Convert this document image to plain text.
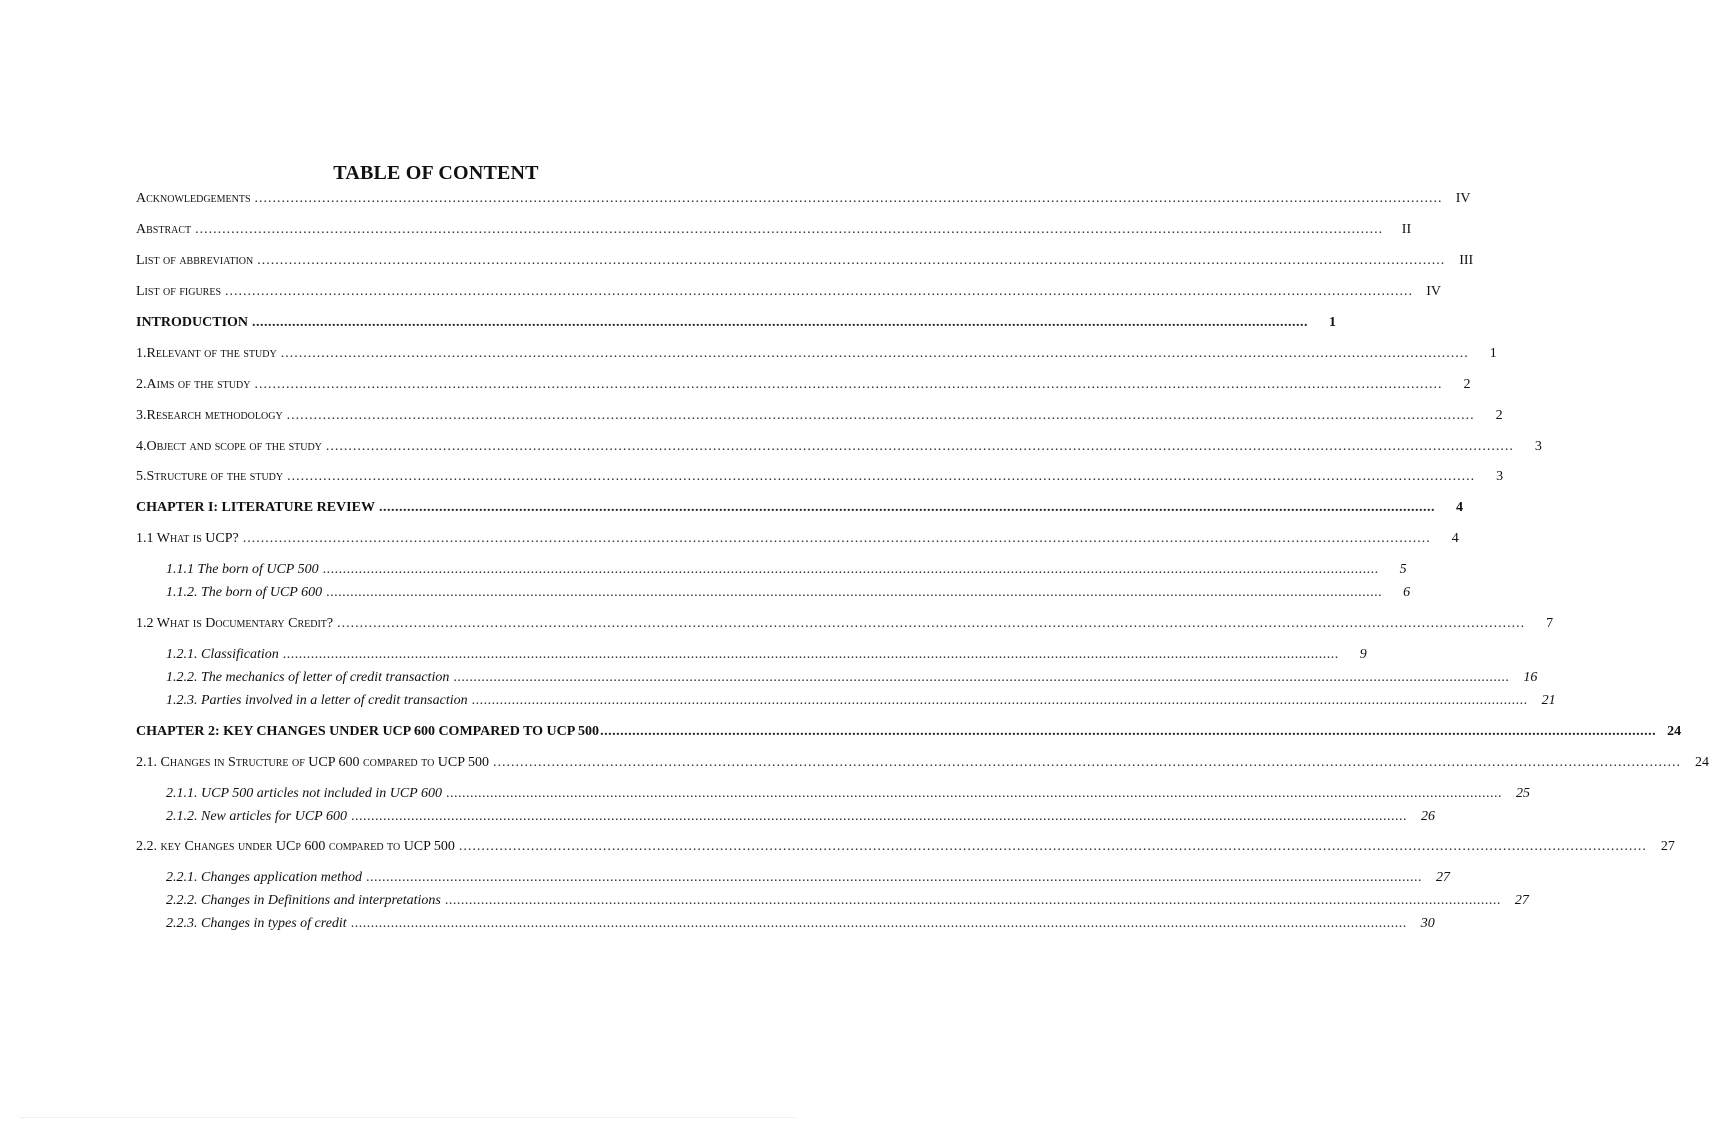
TABLE OF CONTENT
Acknowledgements ........................................................................................................................................................................................................................................................................ IV
Abstract ........................................................................................................................................................................................................................................................................	II
List of abbreviation ........................................................................................................................................................................................................................................................................	III
List of figures ........................................................................................................................................................................................................................................................................ IV
INTRODUCTION ........................................................................................................................................................................................................................................................................	1
1. Relevant of the study ........................................................................................................................................................................................................................................................................	1
2. Aims of the study ........................................................................................................................................................................................................................................................................	2
3. Research methodology ........................................................................................................................................................................................................................................................................	2
4. Object and scope of the study ........................................................................................................................................................................................................................................................................	3
5. Structure of the study ........................................................................................................................................................................................................................................................................	3
CHAPTER I: LITERATURE REVIEW ........................................................................................................................................................................................................................................................................	4
1.1 What is UCP? ........................................................................................................................................................................................................................................................................	4
1.1.1 The born of UCP 500 ........................................................................................................................................................................................................................................................................	5
1.1.2. The born of UCP 600 ........................................................................................................................................................................................................................................................................	6
1.2 What is Documentary Credit? ........................................................................................................................................................................................................................................................................	7
1.2.1. Classification ........................................................................................................................................................................................................................................................................	9
1.2.2. The mechanics of letter of credit transaction ........................................................................................................................................................................................................................................................................	16
1.2.3. Parties involved in a letter of credit transaction ........................................................................................................................................................................................................................................................................	21
CHAPTER 2: KEY CHANGES UNDER UCP 600 COMPARED TO UCP 500 ........................................................................................................................................................................................................................................................................ 24
2.1. Changes in Structure of UCP 600 compared to UCP 500 ........................................................................................................................................................................................................................................................................	24
2.1.1. UCP 500 articles not included in UCP 600 ........................................................................................................................................................................................................................................................................	25
2.1.2. New articles for UCP 600 ........................................................................................................................................................................................................................................................................	26
2.2. key Changes under UCp 600 compared to UCP 500 ........................................................................................................................................................................................................................................................................	27
2.2.1. Changes application method ........................................................................................................................................................................................................................................................................	27
2.2.2. Changes in Definitions and interpretations ........................................................................................................................................................................................................................................................................	27
2.2.3. Changes in types of credit ........................................................................................................................................................................................................................................................................	30
